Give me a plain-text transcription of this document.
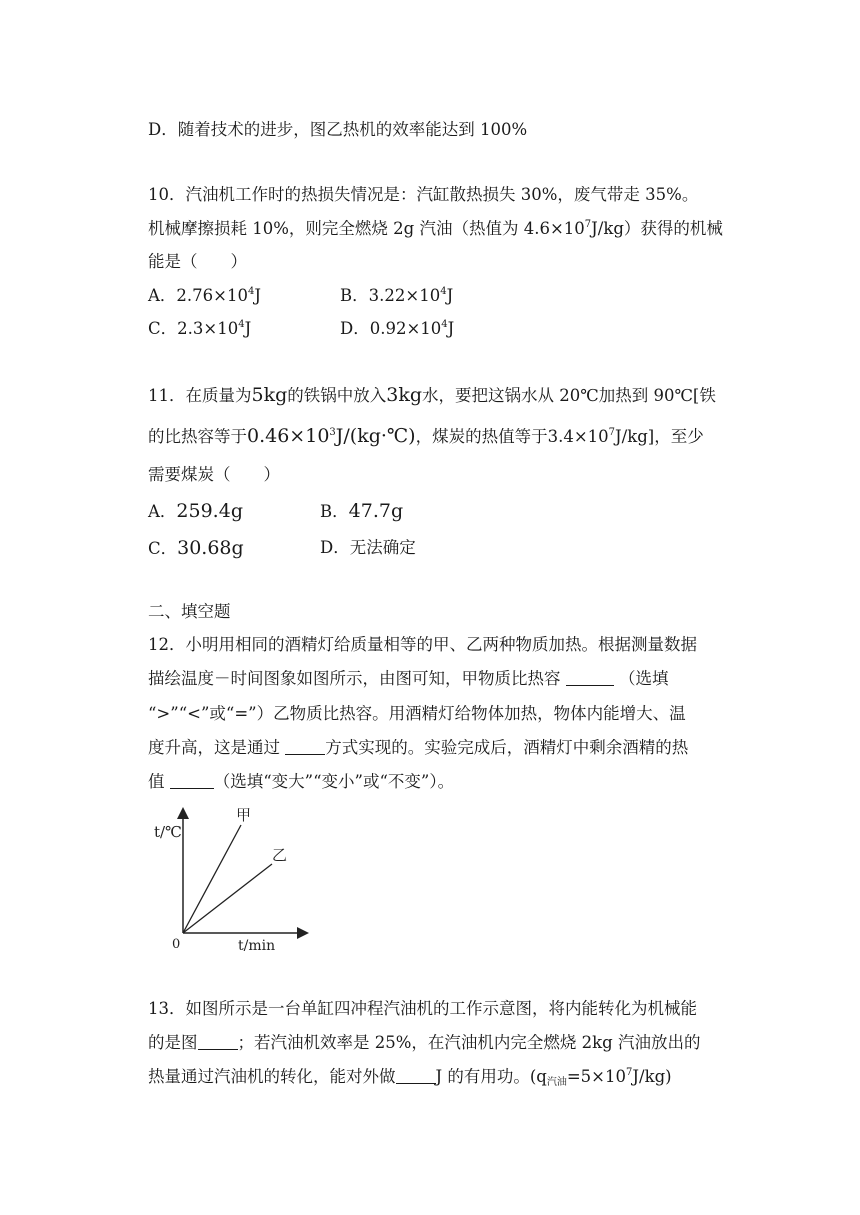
D．随着技术的进步，图乙热机的效率能达到 100%
10．汽油机工作时的热损失情况是：汽缸散热损失 30%，废气带走 35%。
机械摩擦损耗 10%，则完全燃烧 2g 汽油（热值为 $4.6\times 10^7J/kg$）获得的机械
能是（　　）
A．$2.76\times 10^4J$	B．$3.22\times 10^4J$
C．$2.3\times 10^4J$	D．$0.92\times 10^4J$
11．在质量为5kg的铁锅中放入3kg水，要把这锅水从 20℃加热到 90℃[铁
的比热容等于$0.46\times 10^3J/(kg\cdot℃)$，煤炭的热值等于$3.4\times 10^7J/kg$]，至少
需要煤炭（　　）
A．259.4g	B．47.7g
C．30.68g	D．无法确定
二、填空题
12．小明用相同的酒精灯给质量相等的甲、乙两种物质加热。根据测量数据
描绘温度－时间图象如图所示，由图可知，甲物质比热容	（选填
“>”“<”或“=”）乙物质比热容。用酒精灯给物体加热，物体内能增大、温
度升高，这是通过	方式实现的。实验完成后，酒精灯中剩余酒精的热
值	（选填“变大”“变小”或“不变”）。
t/℃
t/min
0
甲
乙
13．如图所示是一台单缸四冲程汽油机的工作示意图，将内能转化为机械能
的是图 ；若汽油机效率是 25%，在汽油机内完全燃烧 2kg 汽油放出的
热量通过汽油机的转化，能对外做 J 的有用功。$(q_{汽油}=5\times 10^7J/kg)$
